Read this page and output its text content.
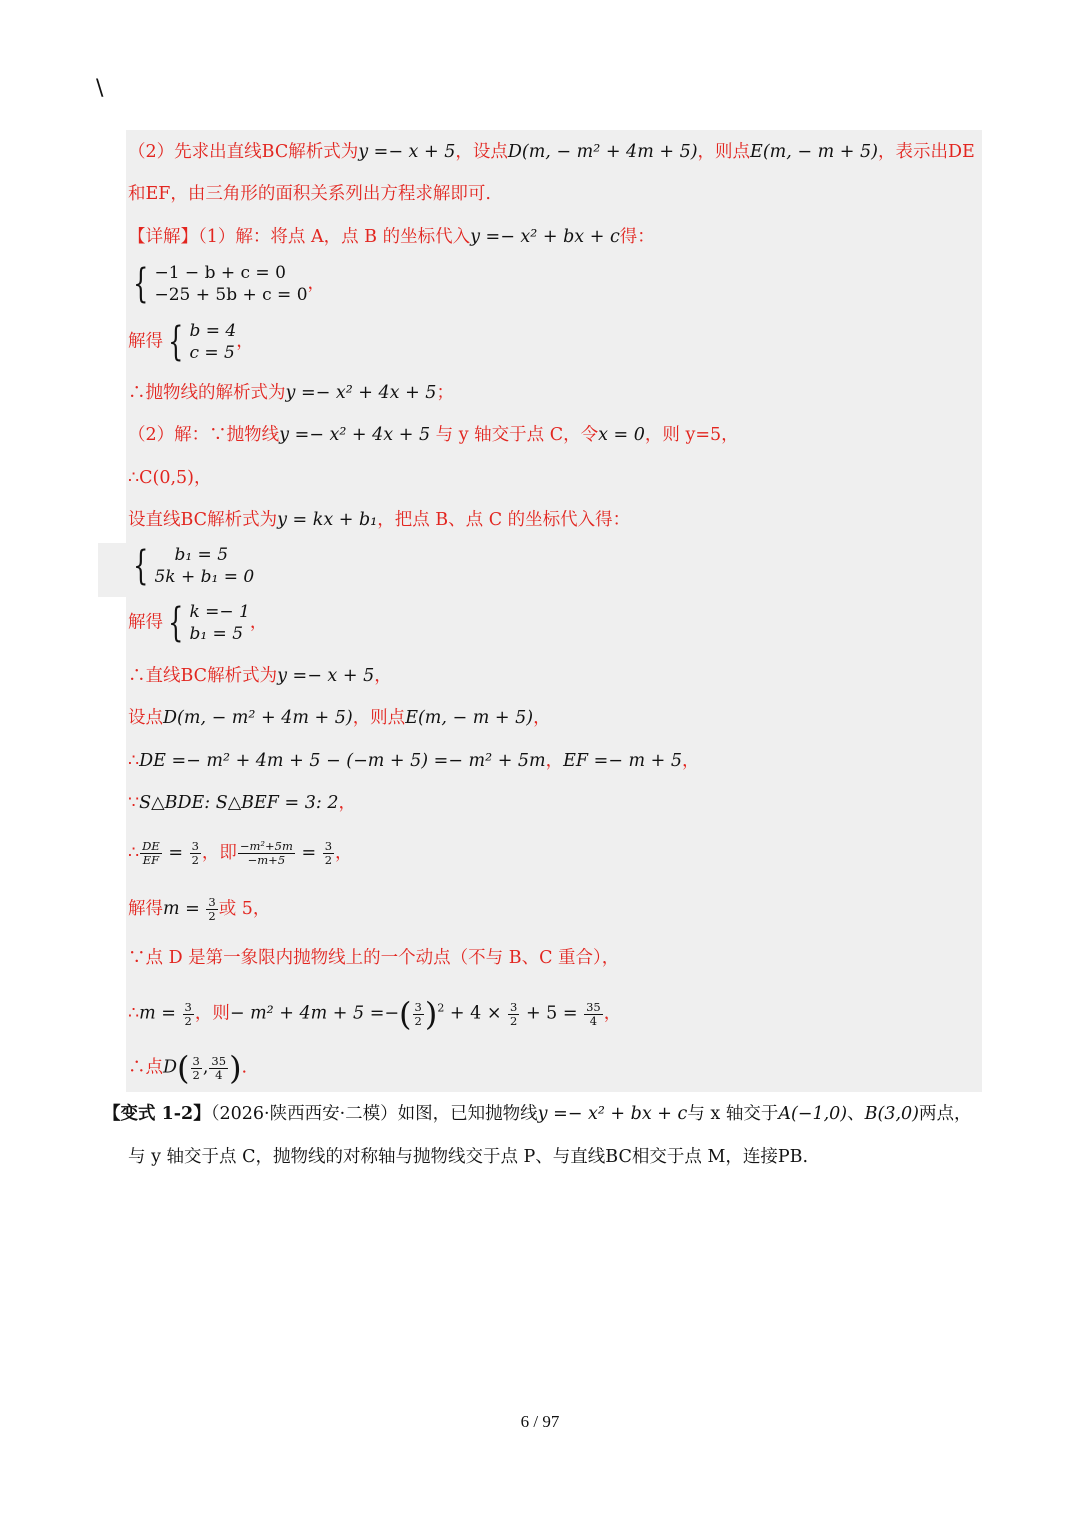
\
（2）先求出直线BC解析式为y =− x + 5，设点D(m, − m² + 4m + 5)，则点E(m, − m + 5)，表示出DE
和EF，由三角形的面积关系列出方程求解即可.
【详解】（1）解：将点 A，点 B 的坐标代入y =− x² + bx + c得：
{ −1 − b + c = 0
−25 + 5b + c = 0
，
解得 { b = 4
c = 5
，
∴抛物线的解析式为y =− x² + 4x + 5；
（2）解：∵抛物线y =− x² + 4x + 5 与 y 轴交于点 C，令x = 0，则 y=5，
∴C(0,5)，
设直线BC解析式为y = kx + b₁，把点 B、点 C 的坐标代入得：
{	b₁ = 5
5k + b₁ = 0
解得 { k =− 1
b₁ = 5
，
∴直线BC解析式为y =− x + 5，
设点D(m, − m² + 4m + 5)，则点E(m, − m + 5)，
∴DE =− m² + 4m + 5 − (−m + 5) =− m² + 5m，EF =− m + 5，
∵S△BDE: S△BEF = 3: 2，
∴ $\frac{DE}{EF} = \frac{3}{2}$ ，即 $\frac{\text{−m²+5m}}{-m+5} = \frac{3}{2}$ ，
解得$m = \frac{3}{2}$ 或 5，
∵点 D 是第一象限内抛物线上的一个动点（不与 B、C 重合），
∴m = $\frac{3}{2}$ ，则− m² + 4m + 5 =−( $\frac{3}{2} )^2 + 4 \times \frac{3}{2} + 5 = \frac{35}{4}$ ，
∴点$D( \frac{3}{2}$ , $\frac{35}{4}$ ).
【变式 1-2】（2026·陕西西安·二模）如图，已知抛物线y =− x² + bx + c与 x 轴交于A(−1,0)、B(3,0)两点，
与 y 轴交于点 C，抛物线的对称轴与抛物线交于点 P、与直线BC相交于点 M，连接PB.
6 / 97
